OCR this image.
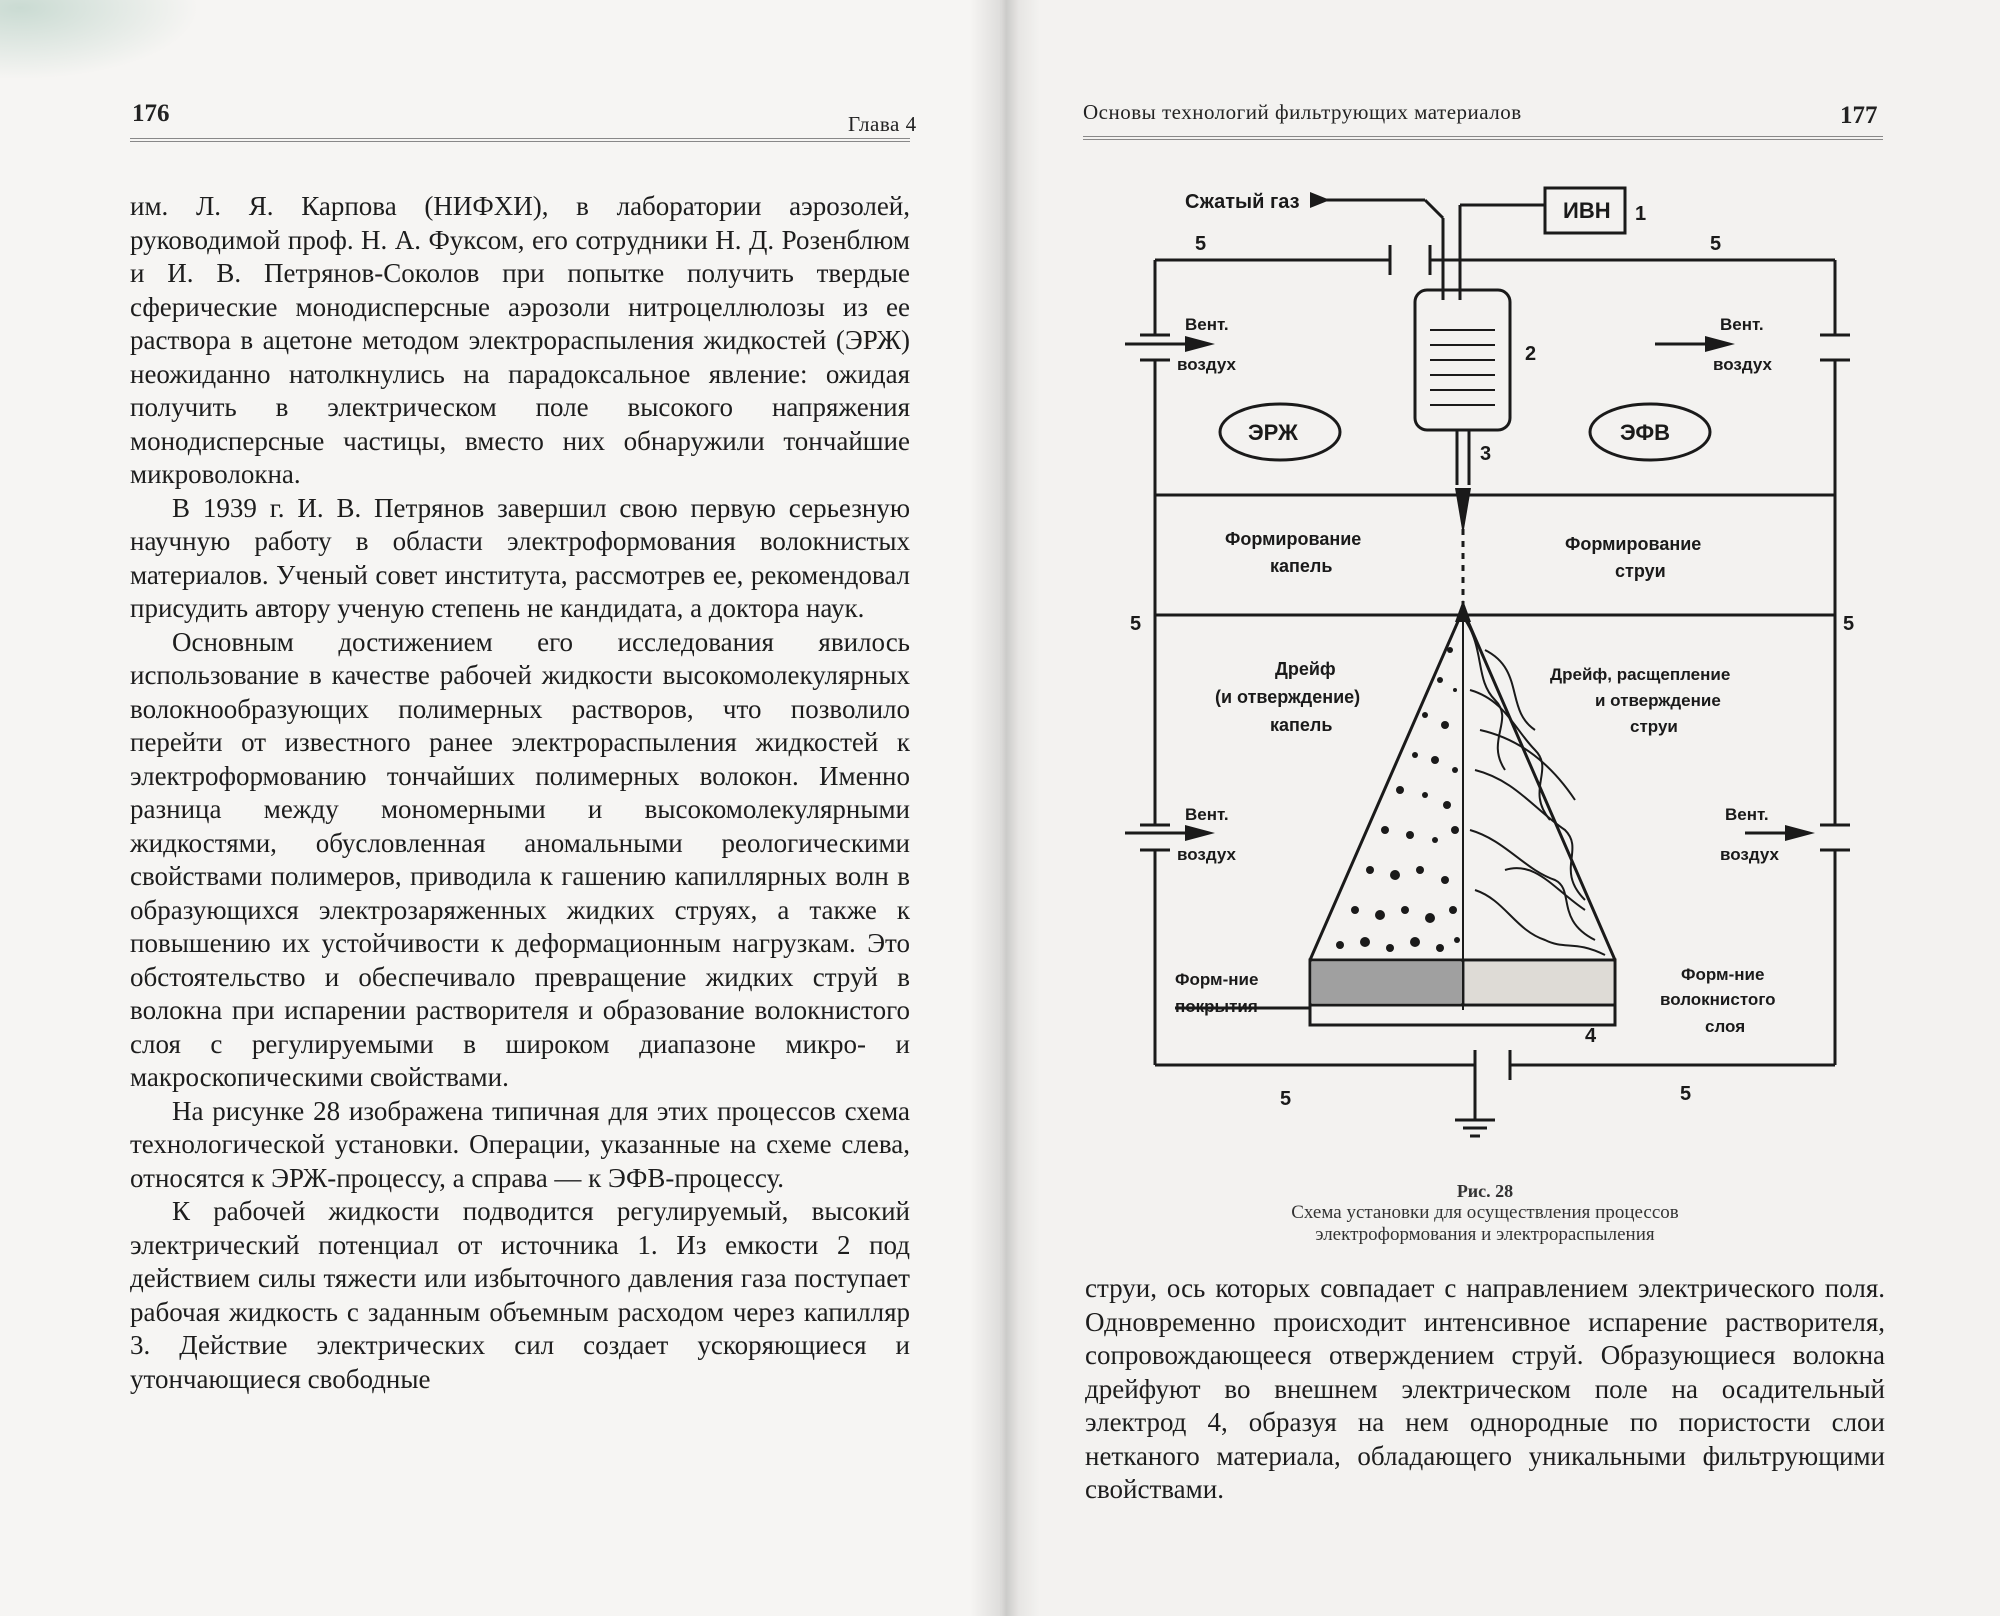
176	Глава 4	Основы технологий фильтрующих материалов	177

им. Л. Я. Карпова (НИФХИ), в лаборатории аэрозолей, руководимой проф. Н. А. Фуксом, его сотрудники Н. Д. Розенблюм и И. В. Петрянов-Соколов при попытке получить твердые сферические монодисперсные аэрозоли нитроцеллюлозы из ее раствора в ацетоне методом электрораспыления жидкостей (ЭРЖ) неожиданно натолкнулись на парадоксальное явление: ожидая получить в электрическом поле высокого напряжения монодисперсные частицы, вместо них обнаружили тончайшие микроволокна.

В 1939 г. И. В. Петрянов завершил свою первую серьезную научную работу в области электроформования волокнистых материалов. Ученый совет института, рассмотрев ее, рекомендовал присудить автору ученую степень не кандидата, а доктора наук.

Основным достижением его исследования явилось использование в качестве рабочей жидкости высокомолекулярных волокнообразующих полимерных растворов, что позволило перейти от известного ранее электрораспыления жидкостей к электроформованию тончайших полимерных волокон. Именно разница между мономерными и высокомолекулярными жидкостями, обусловленная аномальными реологическими свойствами полимеров, приводила к гашению капиллярных волн в образующихся электрозаряженных жидких струях, а также к повышению их устойчивости к деформационным нагрузкам. Это обстоятельство и обеспечивало превращение жидких струй в волокна при испарении растворителя и образование волокнистого слоя с регулируемыми в широком диапазоне микро- и макроскопическими свойствами.

На рисунке 28 изображена типичная для этих процессов схема технологической установки. Операции, указанные на схеме слева, относятся к ЭРЖ-процессу, а справа — к ЭФВ-процессу.

К рабочей жидкости подводится регулируемый, высокий электрический потенциал от источника 1. Из емкости 2 под действием силы тяжести или избыточного давления газа поступает рабочая жидкость с заданным объемным расходом через капилляр 3. Действие электрических сил создает ускоряющиеся и утончающиеся свободные

Сжатый газ	ИВН 1
5	5
2
3
5	5
4
5	5
Вент.
воздух
Вент.
воздух
Вент.
воздух
Вент.
воздух
ЭРЖ	ЭФВ
Формирование
капель
Формирование
струи
Дрейф
(и отверждение)
капель
Дрейф, расщепление
и отверждение
струи
Форм-ние
покрытия
Форм-ние
волокнистого
слоя
Рис. 28
Схема установки для осуществления процессов
электроформования и электрораспыления

струи, ось которых совпадает с направлением электрического поля. Одновременно происходит интенсивное испарение растворителя, сопровождающееся отверждением струй. Образующиеся волокна дрейфуют во внешнем электрическом поле на осадительный электрод 4, образуя на нем однородные по пористости слои нетканого материала, обладающего уникальными фильтрующими свойствами.
